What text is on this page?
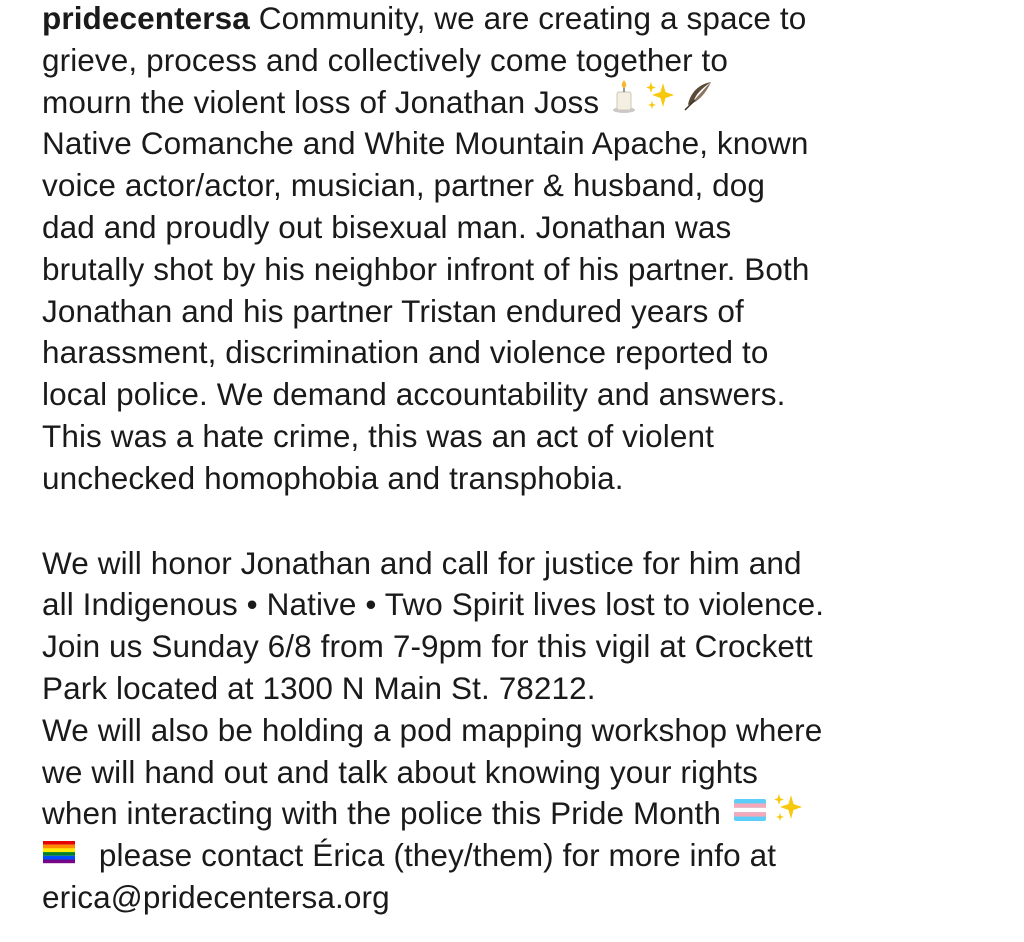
pridecentersa Community, we are creating a space to
grieve, process and collectively come together to
mourn the violent loss of Jonathan Joss
Native Comanche and White Mountain Apache, known
voice actor/actor, musician, partner & husband, dog
dad and proudly out bisexual man. Jonathan was
brutally shot by his neighbor infront of his partner. Both
Jonathan and his partner Tristan endured years of
harassment, discrimination and violence reported to
local police. We demand accountability and answers.
This was a hate crime, this was an act of violent
unchecked homophobia and transphobia.
We will honor Jonathan and call for justice for him and
all Indigenous • Native • Two Spirit lives lost to violence.
Join us Sunday 6/8 from 7-9pm for this vigil at Crockett
Park located at 1300 N Main St. 78212.
We will also be holding a pod mapping workshop where
we will hand out and talk about knowing your rights
when interacting with the police this Pride Month
please contact Érica (they/them) for more info at
erica@pridecentersa.org
